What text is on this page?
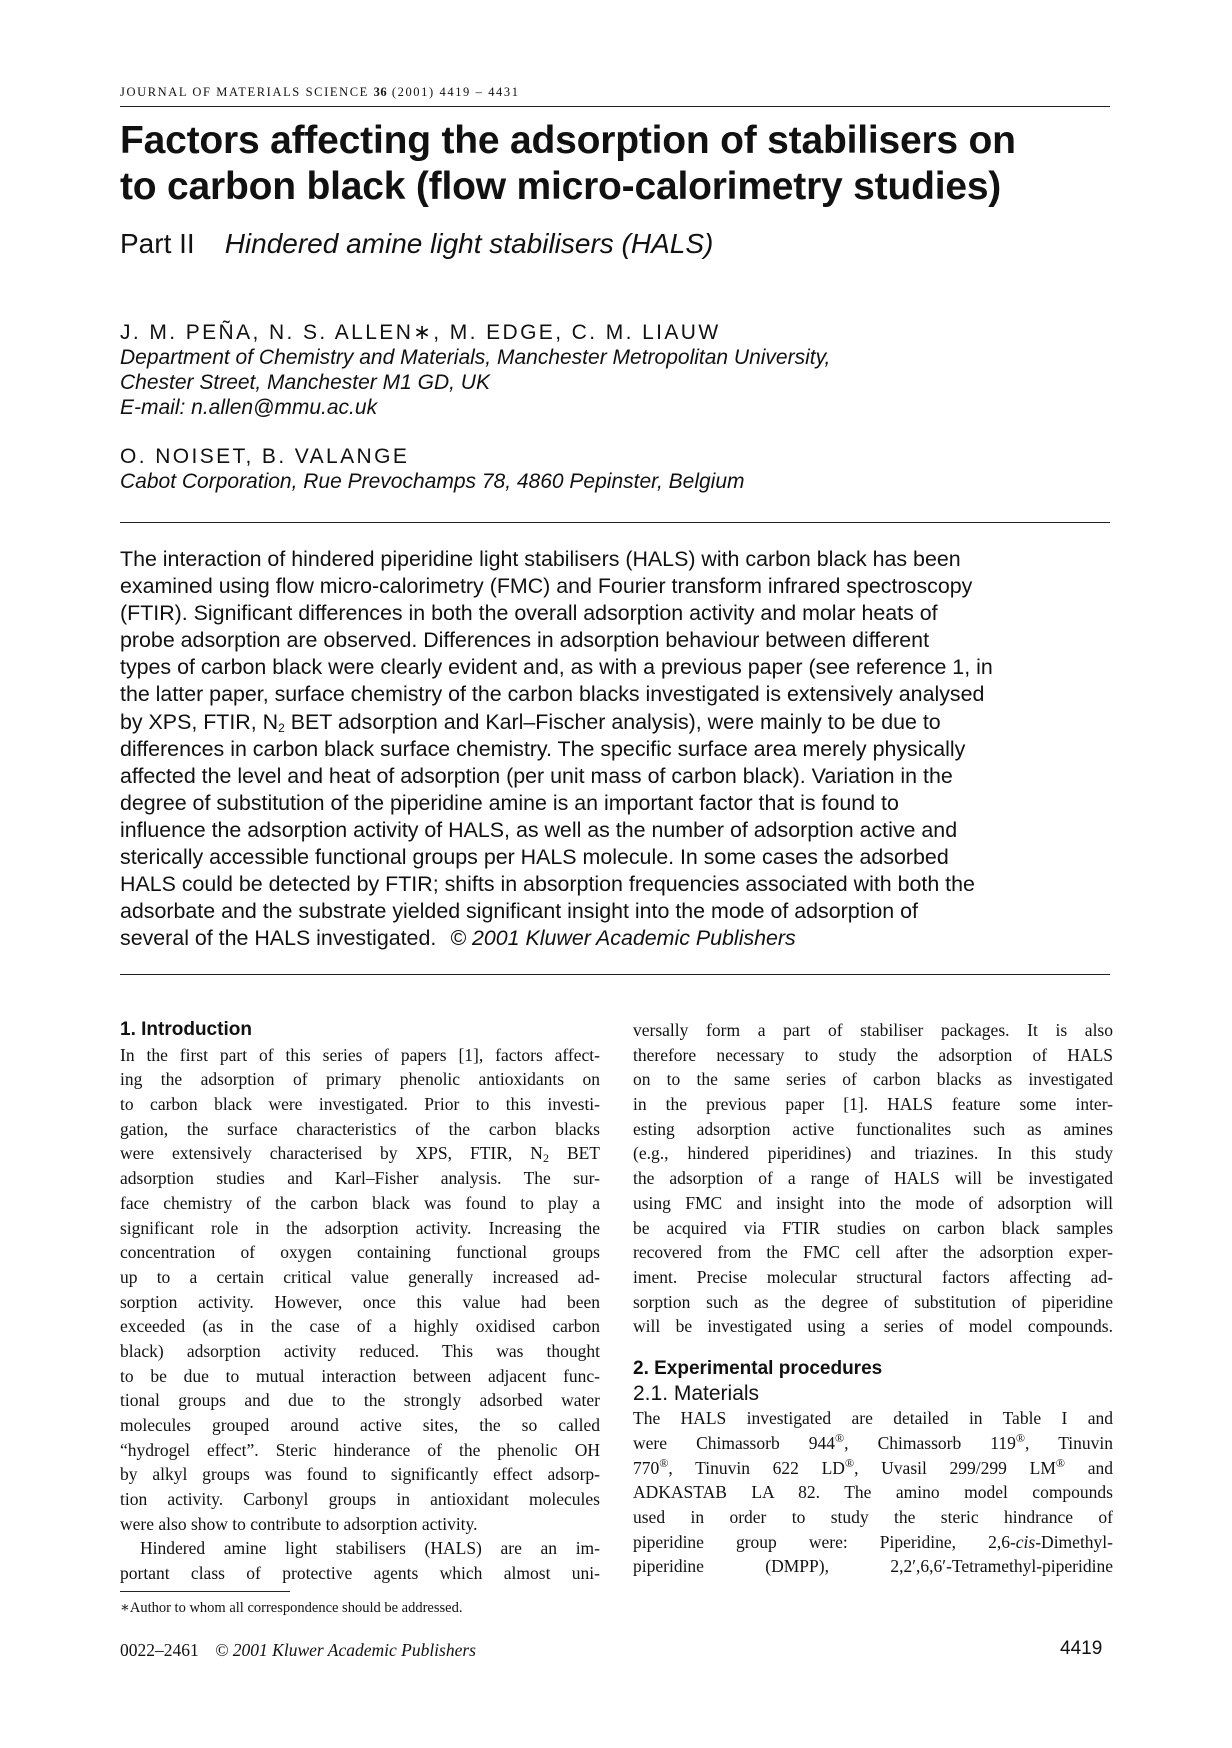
JOURNAL OF MATERIALS SCIENCE 36 (2001) 4419 – 4431
Factors affecting the adsorption of stabilisers on
to carbon black (flow micro-calorimetry studies)
Part II Hindered amine light stabilisers (HALS)
J. M. PEÑA, N. S. ALLEN∗, M. EDGE, C. M. LIAUW
Department of Chemistry and Materials, Manchester Metropolitan University,
Chester Street, Manchester M1 GD, UK
E-mail: n.allen@mmu.ac.uk
O. NOISET, B. VALANGE
Cabot Corporation, Rue Prevochamps 78, 4860 Pepinster, Belgium
The interaction of hindered piperidine light stabilisers (HALS) with carbon black has been
examined using flow micro-calorimetry (FMC) and Fourier transform infrared spectroscopy
(FTIR). Significant differences in both the overall adsorption activity and molar heats of
probe adsorption are observed. Differences in adsorption behaviour between different
types of carbon black were clearly evident and, as with a previous paper (see reference 1, in
the latter paper, surface chemistry of the carbon blacks investigated is extensively analysed
by XPS, FTIR, $N_2$ BET adsorption and Karl–Fischer analysis), were mainly to be due to
differences in carbon black surface chemistry. The specific surface area merely physically
affected the level and heat of adsorption (per unit mass of carbon black). Variation in the
degree of substitution of the piperidine amine is an important factor that is found to
influence the adsorption activity of HALS, as well as the number of adsorption active and
sterically accessible functional groups per HALS molecule. In some cases the adsorbed
HALS could be detected by FTIR; shifts in absorption frequencies associated with both the
adsorbate and the substrate yielded significant insight into the mode of adsorption of
several of the HALS investigated. © 2001 Kluwer Academic Publishers
1. Introduction
In the first part of this series of papers [1], factors affect-
ing the adsorption of primary phenolic antioxidants on
to carbon black were investigated. Prior to this investi-
gation, the surface characteristics of the carbon blacks
were extensively characterised by XPS, FTIR, $N_2$ BET
adsorption studies and Karl–Fisher analysis. The sur-
face chemistry of the carbon black was found to play a
significant role in the adsorption activity. Increasing the
concentration of oxygen containing functional groups
up to a certain critical value generally increased ad-
sorption activity. However, once this value had been
exceeded (as in the case of a highly oxidised carbon
black) adsorption activity reduced. This was thought
to be due to mutual interaction between adjacent func-
tional groups and due to the strongly adsorbed water
molecules grouped around active sites, the so called
“hydrogel effect”. Steric hinderance of the phenolic OH
by alkyl groups was found to significantly effect adsorp-
tion activity. Carbonyl groups in antioxidant molecules
were also show to contribute to adsorption activity.
Hindered amine light stabilisers (HALS) are an im-
portant class of protective agents which almost uni-
versally form a part of stabiliser packages. It is also
therefore necessary to study the adsorption of HALS
on to the same series of carbon blacks as investigated
in the previous paper [1]. HALS feature some inter-
esting adsorption active functionalites such as amines
(e.g., hindered piperidines) and triazines. In this study
the adsorption of a range of HALS will be investigated
using FMC and insight into the mode of adsorption will
be acquired via FTIR studies on carbon black samples
recovered from the FMC cell after the adsorption exper-
iment. Precise molecular structural factors affecting ad-
sorption such as the degree of substitution of piperidine
will be investigated using a series of model compounds.
2. Experimental procedures
2.1. Materials
The HALS investigated are detailed in Table I and
were Chimassorb 944®, Chimassorb 119®, Tinuvin
770®, Tinuvin 622 LD®, Uvasil 299/299 LM® and
ADKASTAB LA 82. The amino model compounds
used in order to study the steric hindrance of
piperidine group were: Piperidine, 2,6-cis-Dimethyl-
piperidine (DMPP), 2,2′,6,6′-Tetramethyl-piperidine
∗Author to whom all correspondence should be addressed.
0022–2461 © 2001 Kluwer Academic Publishers	4419
